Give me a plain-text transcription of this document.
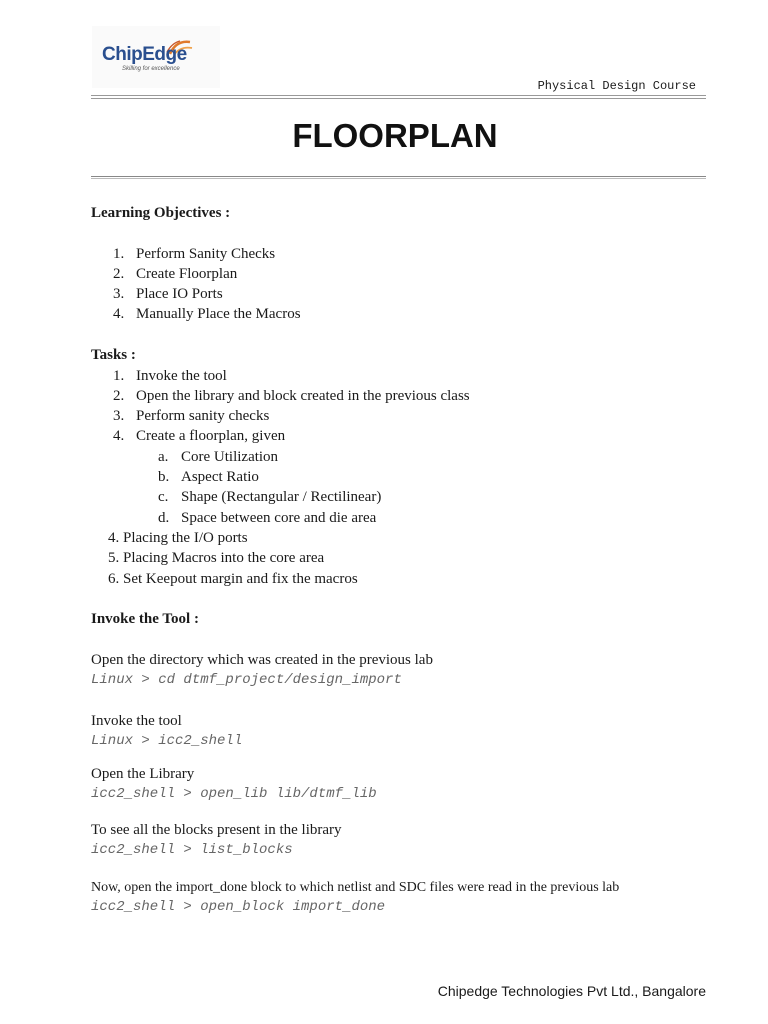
ChipEdge
Skilling for excellence
Physical Design Course
FLOORPLAN
Learning Objectives :
1. Perform Sanity Checks
2. Create Floorplan
3. Place IO Ports
4. Manually Place the Macros
Tasks :
1. Invoke the tool
2. Open the library and block created in the previous class
3. Perform sanity checks
4. Create a floorplan, given
a. Core Utilization
b. Aspect Ratio
c. Shape (Rectangular / Rectilinear)
d. Space between core and die area
4. Placing the I/O ports
5. Placing Macros into the core area
6. Set Keepout margin and fix the macros
Invoke the Tool :
Open the directory which was created in the previous lab
Linux > cd dtmf_project/design_import
Invoke the tool
Linux > icc2_shell
Open the Library
icc2_shell > open_lib lib/dtmf_lib
To see all the blocks present in the library
icc2_shell > list_blocks
Now, open the import_done block to which netlist and SDC files were read in the previous lab
icc2_shell > open_block import_done
Chipedge Technologies Pvt Ltd., Bangalore
